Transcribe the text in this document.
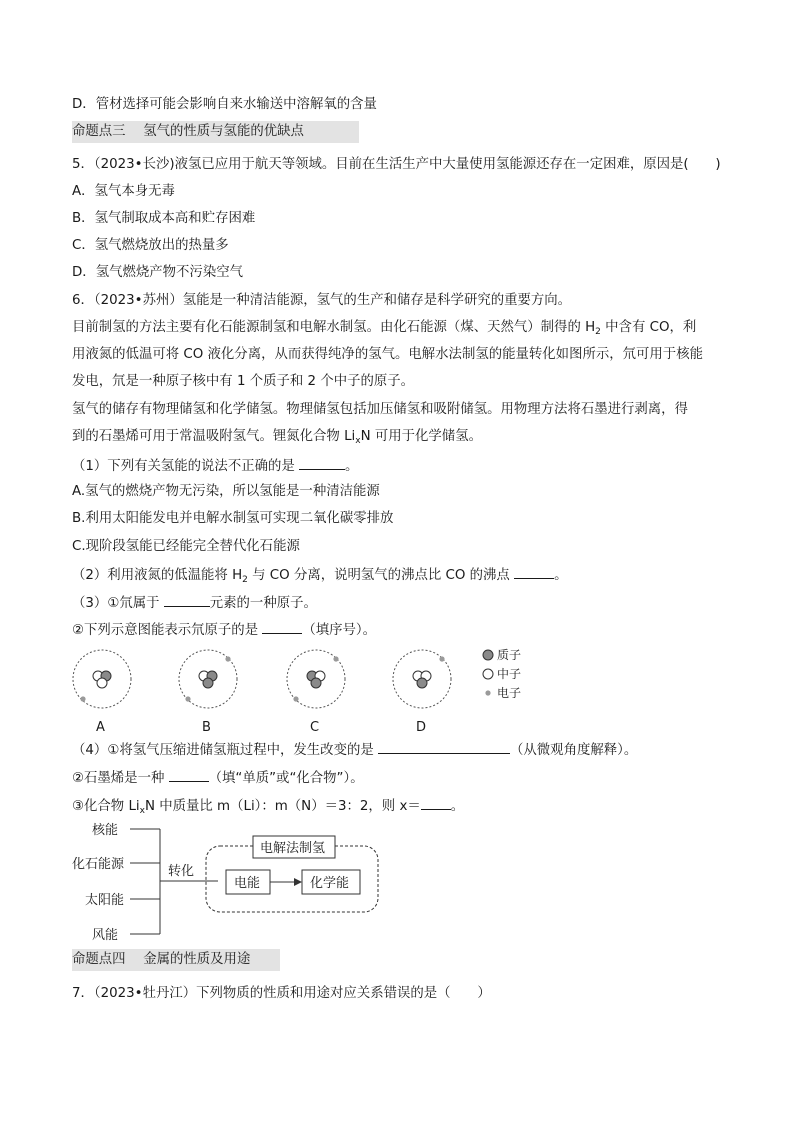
D．管材选择可能会影响自来水输送中溶解氧的含量
命题点三　 氢气的性质与氢能的优缺点
5．（2023•长沙)液氢已应用于航天等领域。目前在生活生产中大量使用氢能源还存在一定困难，原因是(　　)
A．氢气本身无毒
B．氢气制取成本高和贮存困难
C．氢气燃烧放出的热量多
D．氢气燃烧产物不污染空气
6．（2023•苏州）氢能是一种清洁能源，氢气的生产和储存是科学研究的重要方向。
目前制氢的方法主要有化石能源制氢和电解水制氢。由化石能源（煤、天然气）制得的 $H_2$ 中含有 CO，利
用液氮的低温可将 CO 液化分离，从而获得纯净的氢气。电解水法制氢的能量转化如图所示，氘可用于核能
发电，氘是一种原子核中有 1 个质子和 2 个中子的原子。
氢气的储存有物理储氢和化学储氢。物理储氢包括加压储氢和吸附储氢。用物理方法将石墨进行剥离，得
到的石墨烯可用于常温吸附氢气。锂氮化合物 $Li_xN$ 可用于化学储氢。
（1）下列有关氢能的说法不正确的是	。
A.氢气的燃烧产物无污染，所以氢能是一种清洁能源
B.利用太阳能发电并电解水制氢可实现二氧化碳零排放
C.现阶段氢能已经能完全替代化石能源
（2）利用液氮的低温能将 $H_2$ 与 CO 分离，说明氢气的沸点比 CO 的沸点	。
（3）①氘属于	元素的一种原子。
②下列示意图能表示氘原子的是	（填序号）。
A	B	C	D
质子
中子
电子
（4）①将氢气压缩进储氢瓶过程中，发生改变的是	（从微观角度解释）。
②石墨烯是一种	（填“单质”或“化合物”）。
③化合物 $Li_xN$ 中质量比 m（Li）：m（N）＝3：2，则 x＝ 。
核能
化石能源
太阳能
风能
转化
电解法制氢
电能	化学能
命题点四　 金属的性质及用途
7．（2023•牡丹江）下列物质的性质和用途对应关系错误的是（　　）
